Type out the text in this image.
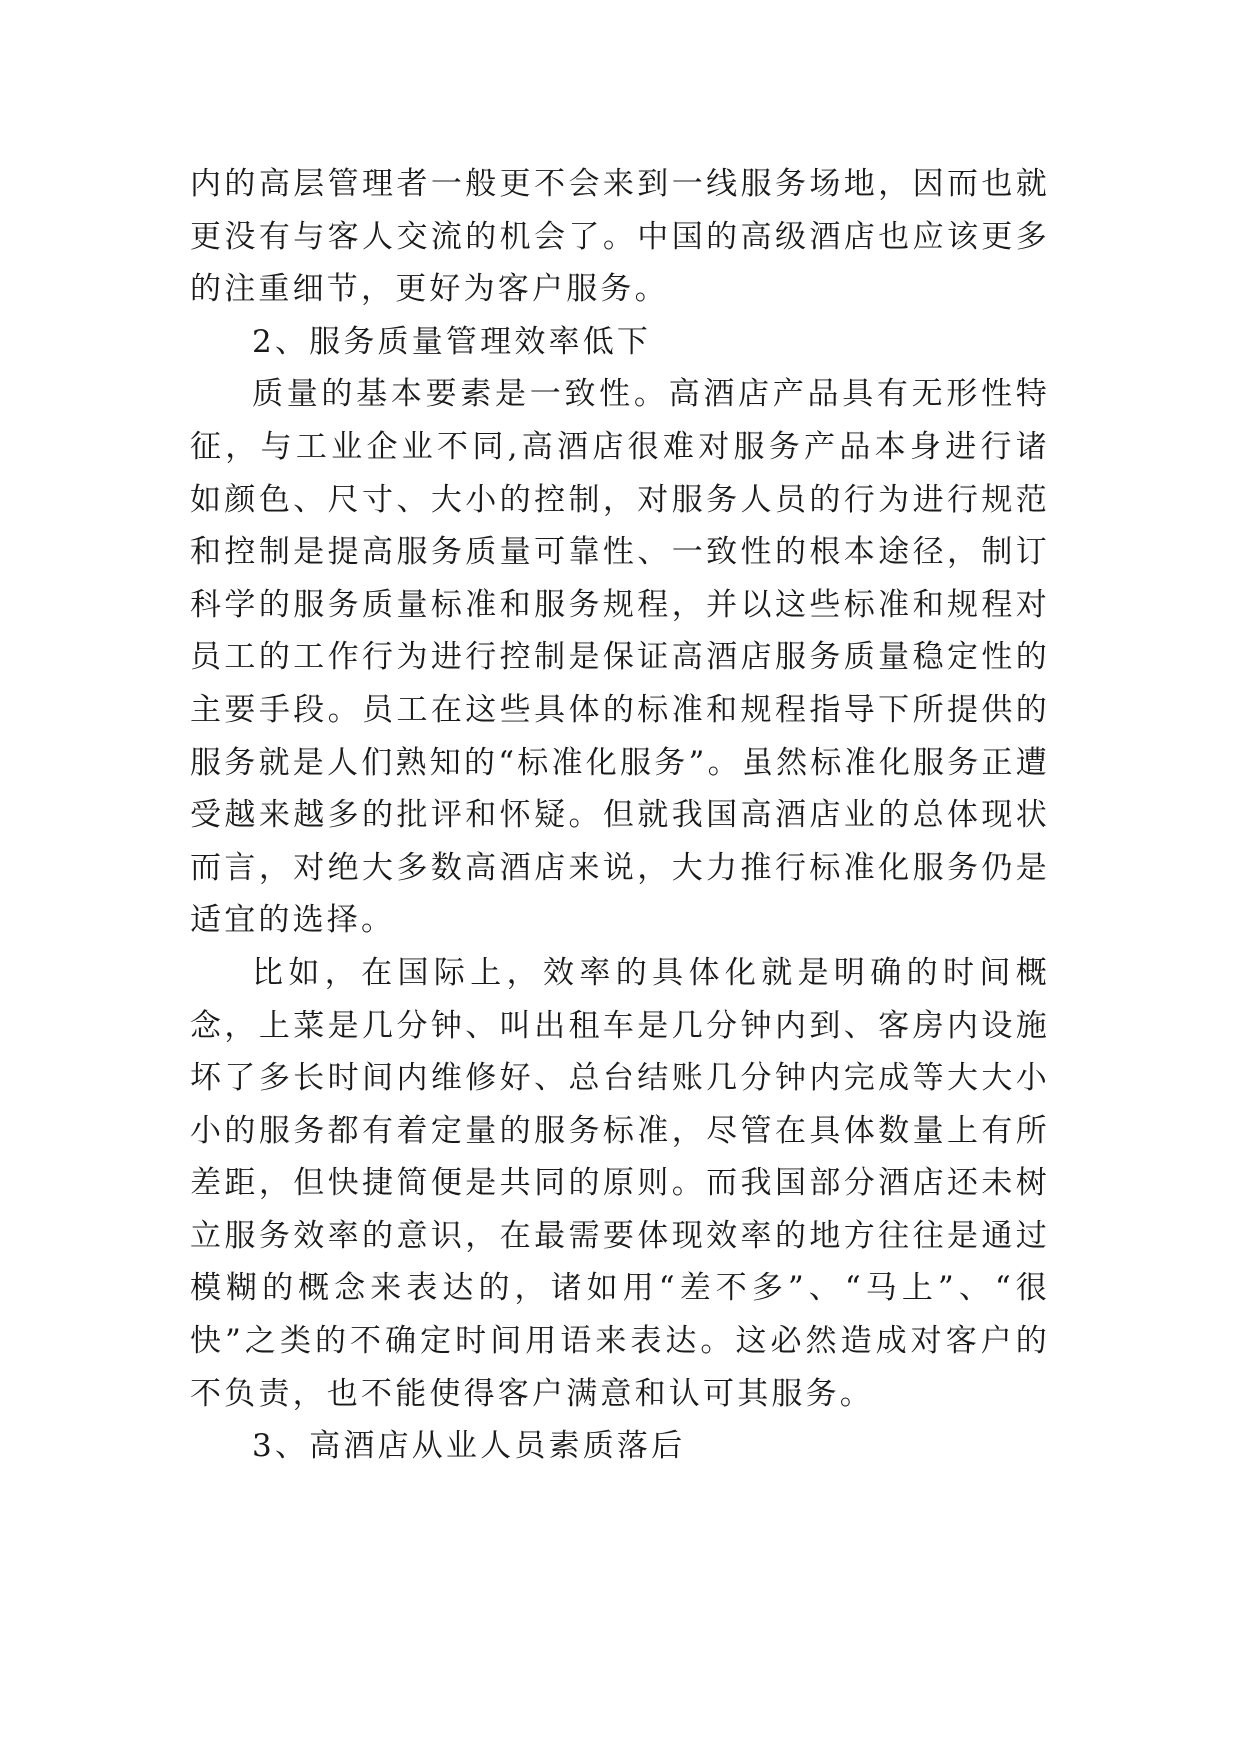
内的高层管理者一般更不会来到一线服务场地，因而也就更没有与客人交流的机会了。中国的高级酒店也应该更多的注重细节，更好为客户服务。

2、服务质量管理效率低下

质量的基本要素是一致性。高酒店产品具有无形性特征，与工业企业不同,高酒店很难对服务产品本身进行诸如颜色、尺寸、大小的控制，对服务人员的行为进行规范和控制是提高服务质量可靠性、一致性的根本途径，制订科学的服务质量标准和服务规程，并以这些标准和规程对员工的工作行为进行控制是保证高酒店服务质量稳定性的主要手段。员工在这些具体的标准和规程指导下所提供的服务就是人们熟知的“标准化服务”。虽然标准化服务正遭受越来越多的批评和怀疑。但就我国高酒店业的总体现状而言，对绝大多数高酒店来说，大力推行标准化服务仍是适宜的选择。

比如，在国际上，效率的具体化就是明确的时间概念，上菜是几分钟、叫出租车是几分钟内到、客房内设施坏了多长时间内维修好、总台结账几分钟内完成等大大小小的服务都有着定量的服务标准，尽管在具体数量上有所差距，但快捷简便是共同的原则。而我国部分酒店还未树立服务效率的意识，在最需要体现效率的地方往往是通过模糊的概念来表达的，诸如用“差不多”、“马上”、“很快”之类的不确定时间用语来表达。这必然造成对客户的不负责，也不能使得客户满意和认可其服务。

3、高酒店从业人员素质落后
